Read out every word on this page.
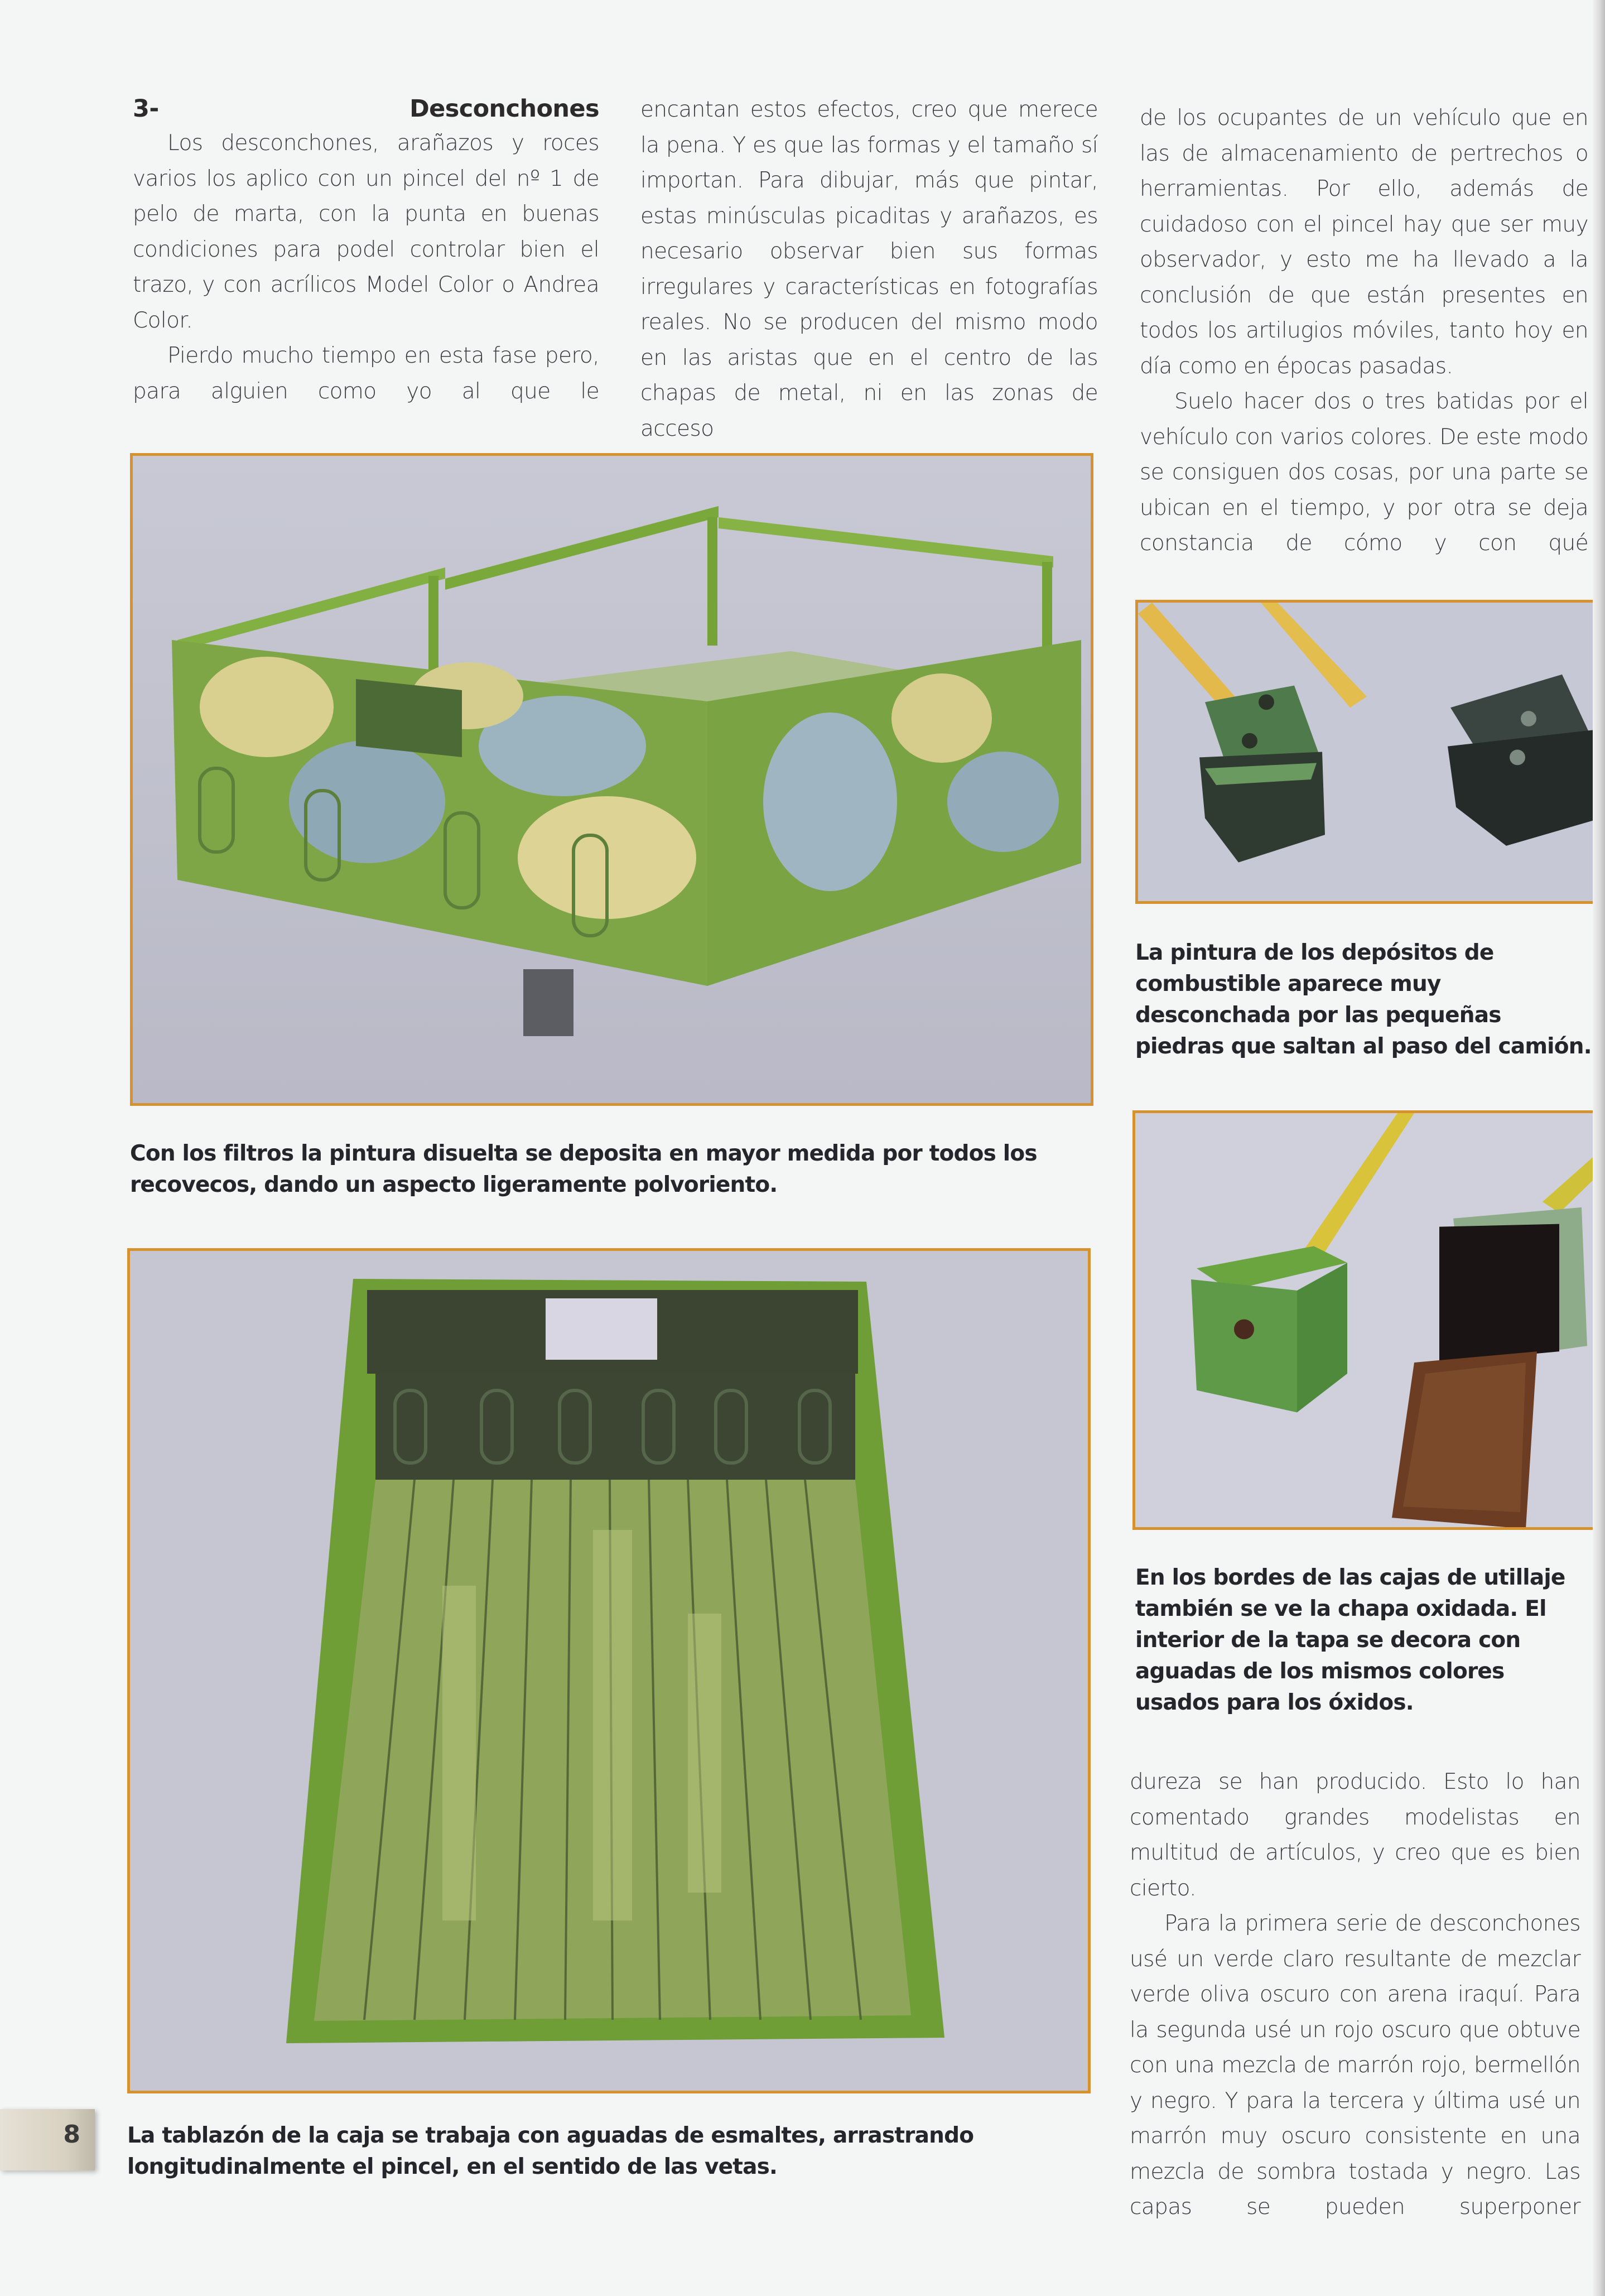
3- Desconchones

Los desconchones, arañazos y roces varios los aplico con un pincel del nº 1 de pelo de marta, con la punta en buenas condiciones para podel controlar bien el trazo, y con acrílicos Model Color o Andrea Color.

Pierdo mucho tiempo en esta fase pero, para alguien como yo al que le

encantan estos efectos, creo que merece la pena. Y es que las formas y el tamaño sí importan. Para dibujar, más que pintar, estas minúsculas picaditas y arañazos, es necesario observar bien sus formas irregulares y características en fotografías reales. No se producen del mismo modo en las aristas que en el centro de las chapas de metal, ni en las zonas de acceso

de los ocupantes de un vehículo que en las de almacenamiento de pertrechos o herramientas. Por ello, además de cuidadoso con el pincel hay que ser muy observador, y esto me ha llevado a la conclusión de que están presentes en todos los artilugios móviles, tanto hoy en día como en épocas pasadas.

Suelo hacer dos o tres batidas por el vehículo con varios colores. De este modo se consiguen dos cosas, por una parte se ubican en el tiempo, y por otra se deja constancia de cómo y con qué

Con los filtros la pintura disuelta se deposita en mayor medida por todos los recovecos, dando un aspecto ligeramente polvoriento.

La pintura de los depósitos de combustible aparece muy desconchada por las pequeñas piedras que saltan al paso del camión.

En los bordes de las cajas de utillaje también se ve la chapa oxidada. El interior de la tapa se decora con aguadas de los mismos colores usados para los óxidos.

dureza se han producido. Esto lo han comentado grandes modelistas en multitud de artículos, y creo que es bien cierto.

Para la primera serie de desconchones usé un verde claro resultante de mezclar verde oliva oscuro con arena iraquí. Para la segunda usé un rojo oscuro que obtuve con una mezcla de marrón rojo, bermellón y negro. Y para la tercera y última usé un marrón muy oscuro consistente en una mezcla de sombra tostada y negro. Las capas se pueden superponer

8 La tablazón de la caja se trabaja con aguadas de esmaltes, arrastrando longitudinalmente el pincel, en el sentido de las vetas.
